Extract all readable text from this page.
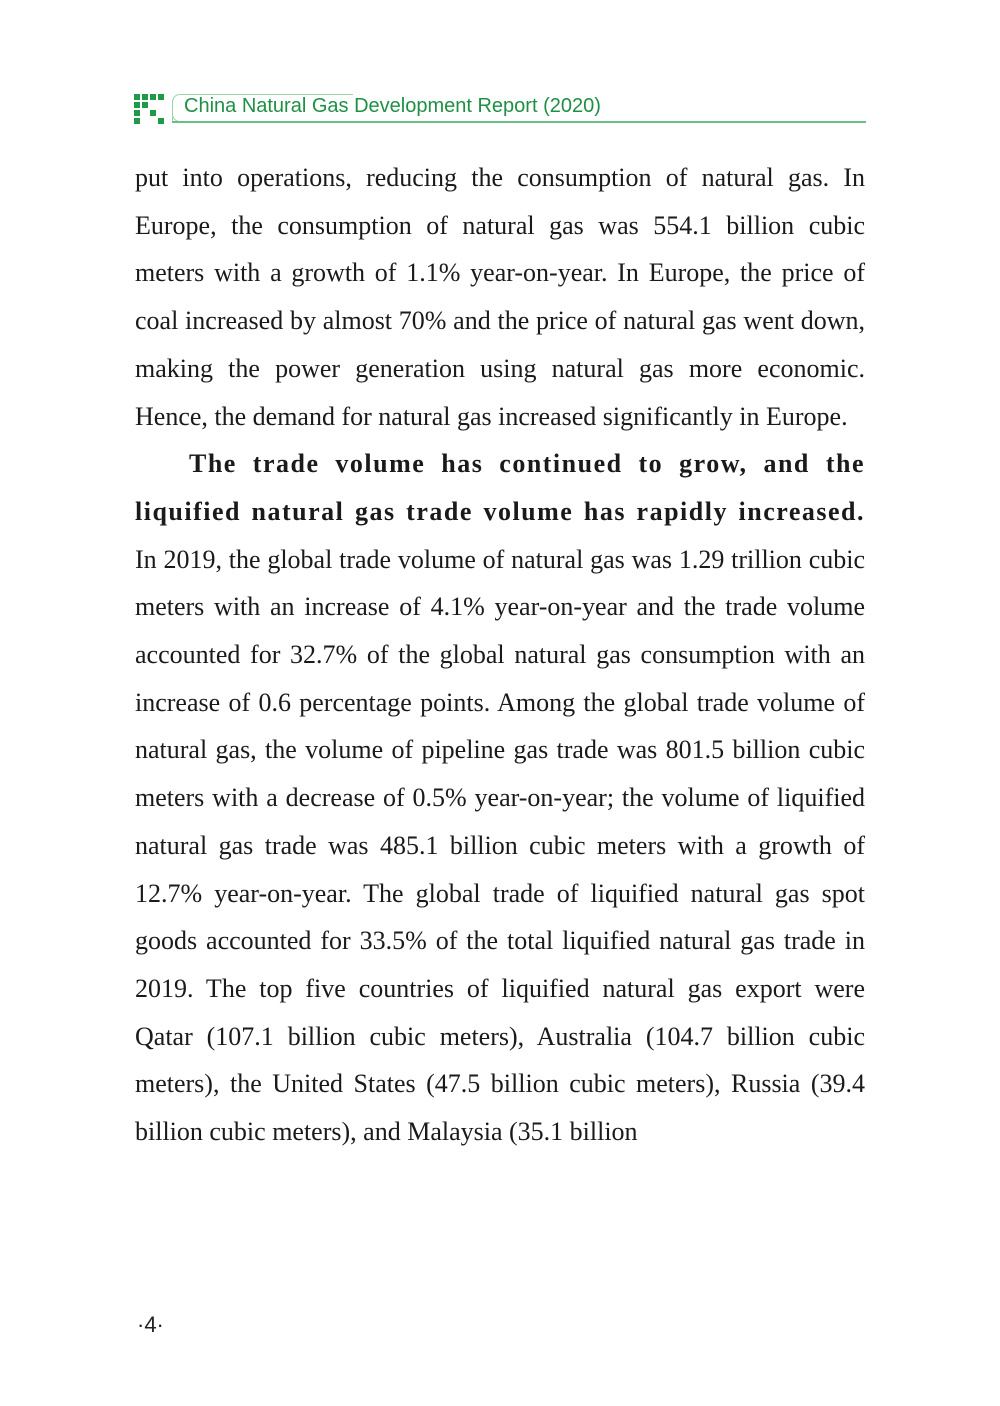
China Natural Gas Development Report (2020)

put into operations, reducing the consumption of natural gas. In Europe, the consumption of natural gas was 554.1 billion cubic meters with a growth of 1.1% year-on-year. In Europe, the price of coal increased by almost 70% and the price of natural gas went down, making the power generation using natural gas more economic. Hence, the demand for natural gas increased significantly in Europe.

The trade volume has continued to grow, and the liquified natural gas trade volume has rapidly increased. In 2019, the global trade volume of natural gas was 1.29 trillion cubic meters with an increase of 4.1% year-on-year and the trade volume accounted for 32.7% of the global natural gas consumption with an increase of 0.6 percentage points. Among the global trade volume of natural gas, the volume of pipeline gas trade was 801.5 billion cubic meters with a decrease of 0.5% year-on-year; the volume of liquified natural gas trade was 485.1 billion cubic meters with a growth of 12.7% year-on-year. The global trade of liquified natural gas spot goods accounted for 33.5% of the total liquified natural gas trade in 2019. The top five countries of liquified natural gas export were Qatar (107.1 billion cubic meters), Australia (104.7 billion cubic meters), the United States (47.5 billion cubic meters), Russia (39.4 billion cubic meters), and Malaysia (35.1 billion

·4·
